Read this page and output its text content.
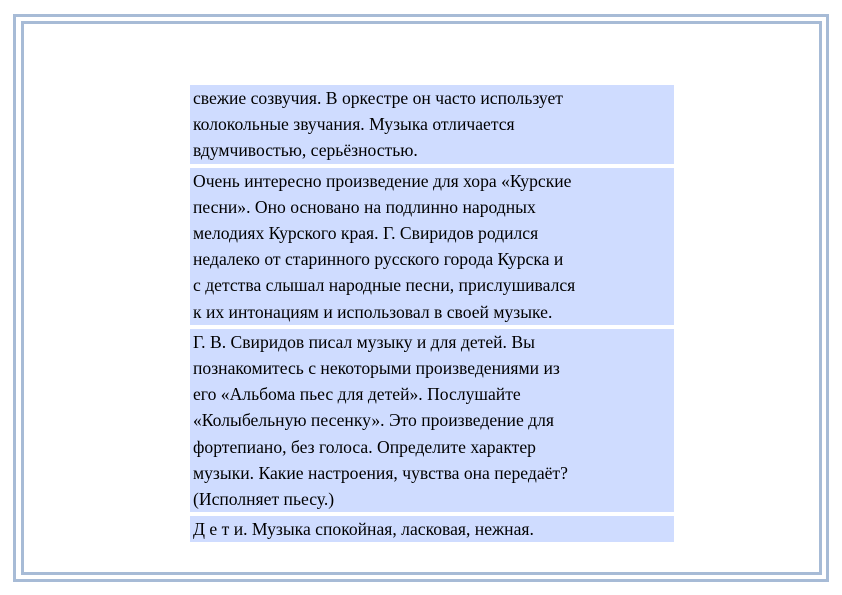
свежие созвучия. В оркестре он часто использует
колокольные звучания. Музыка отличается
вдумчивостью, серьёзностью.
Очень интересно произведение для хора «Курские
песни». Оно основано на подлинно народных
мелодиях Курского края. Г. Свиридов родился
недалеко от старинного русского города Курска и
с детства слышал народные песни, прислушивался
к их интонациям и использовал в своей музыке.
Г. В. Свиридов писал музыку и для детей. Вы
познакомитесь с некоторыми произведениями из
его «Альбома пьес для детей». Послушайте
«Колыбельную песенку». Это произведение для
фортепиано, без голоса. Определите характер
музыки. Какие настроения, чувства она передаёт?
(Исполняет пьесу.)
Д е т и. Музыка спокойная, ласковая, нежная.
